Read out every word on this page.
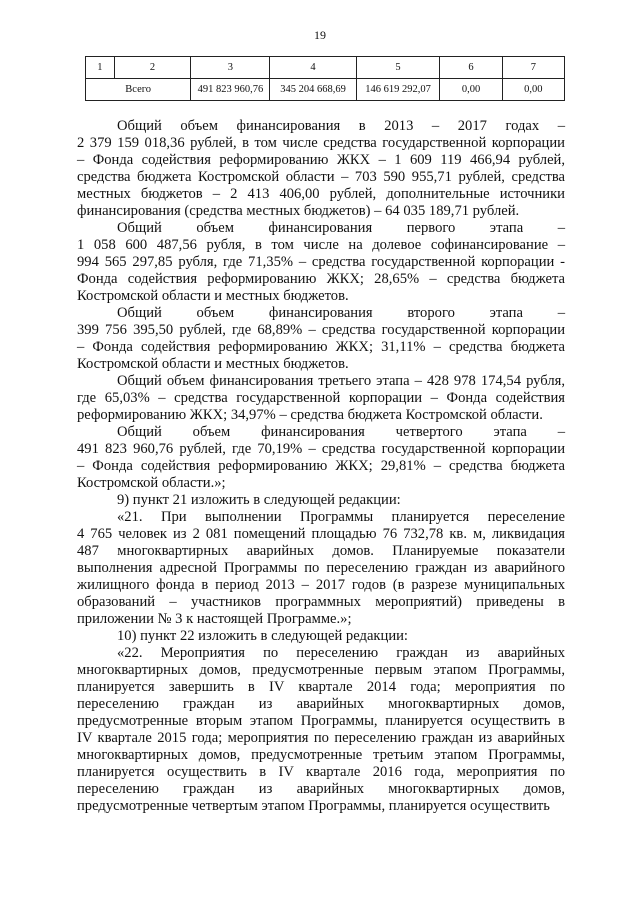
19
1	2	3	4	5	6	7
Всего		491 823 960,76	345 204 668,69	146 619 292,07	0,00	0,00

Общий объем финансирования в 2013 – 2017 годах –

2 379 159 018,36 рублей, в том числе средства государственной корпорации

– Фонда содействия реформированию ЖКХ – 1 609 119 466,94 рублей,

средства бюджета Костромской области – 703 590 955,71 рублей, средства

местных бюджетов – 2 413 406,00 рублей, дополнительные источники

финансирования (средства местных бюджетов) – 64 035 189,71 рублей.

Общий объем финансирования первого этапа –

1 058 600 487,56 рубля, в том числе на долевое софинансирование –

994 565 297,85 рубля, где 71,35% – средства государственной корпорации -

Фонда содействия реформированию ЖКХ; 28,65% – средства бюджета

Костромской области и местных бюджетов.

Общий объем финансирования второго этапа –

399 756 395,50 рублей, где 68,89% – средства государственной корпорации

– Фонда содействия реформированию ЖКХ; 31,11% – средства бюджета

Костромской области и местных бюджетов.

Общий объем финансирования третьего этапа – 428 978 174,54 рубля,

где 65,03% – средства государственной корпорации – Фонда содействия

реформированию ЖКХ; 34,97% – средства бюджета Костромской области.

Общий объем финансирования четвертого этапа –

491 823 960,76 рублей, где 70,19% – средства государственной корпорации

– Фонда содействия реформированию ЖКХ; 29,81% – средства бюджета

Костромской области.»;

9) пункт 21 изложить в следующей редакции:

«21. При выполнении Программы планируется переселение

4 765 человек из 2 081 помещений площадью 76 732,78 кв. м, ликвидация

487 многоквартирных аварийных домов. Планируемые показатели

выполнения адресной Программы по переселению граждан из аварийного

жилищного фонда в период 2013 – 2017 годов (в разрезе муниципальных

образований – участников программных мероприятий) приведены в

приложении № 3 к настоящей Программе.»;

10) пункт 22 изложить в следующей редакции:

«22. Мероприятия по переселению граждан из аварийных

многоквартирных домов, предусмотренные первым этапом Программы,

планируется завершить в IV квартале 2014 года; мероприятия по

переселению граждан из аварийных многоквартирных домов,

предусмотренные вторым этапом Программы, планируется осуществить в

IV квартале 2015 года; мероприятия по переселению граждан из аварийных

многоквартирных домов, предусмотренные третьим этапом Программы,

планируется осуществить в IV квартале 2016 года, мероприятия по

переселению граждан из аварийных многоквартирных домов,

предусмотренные четвертым этапом Программы, планируется осуществить
